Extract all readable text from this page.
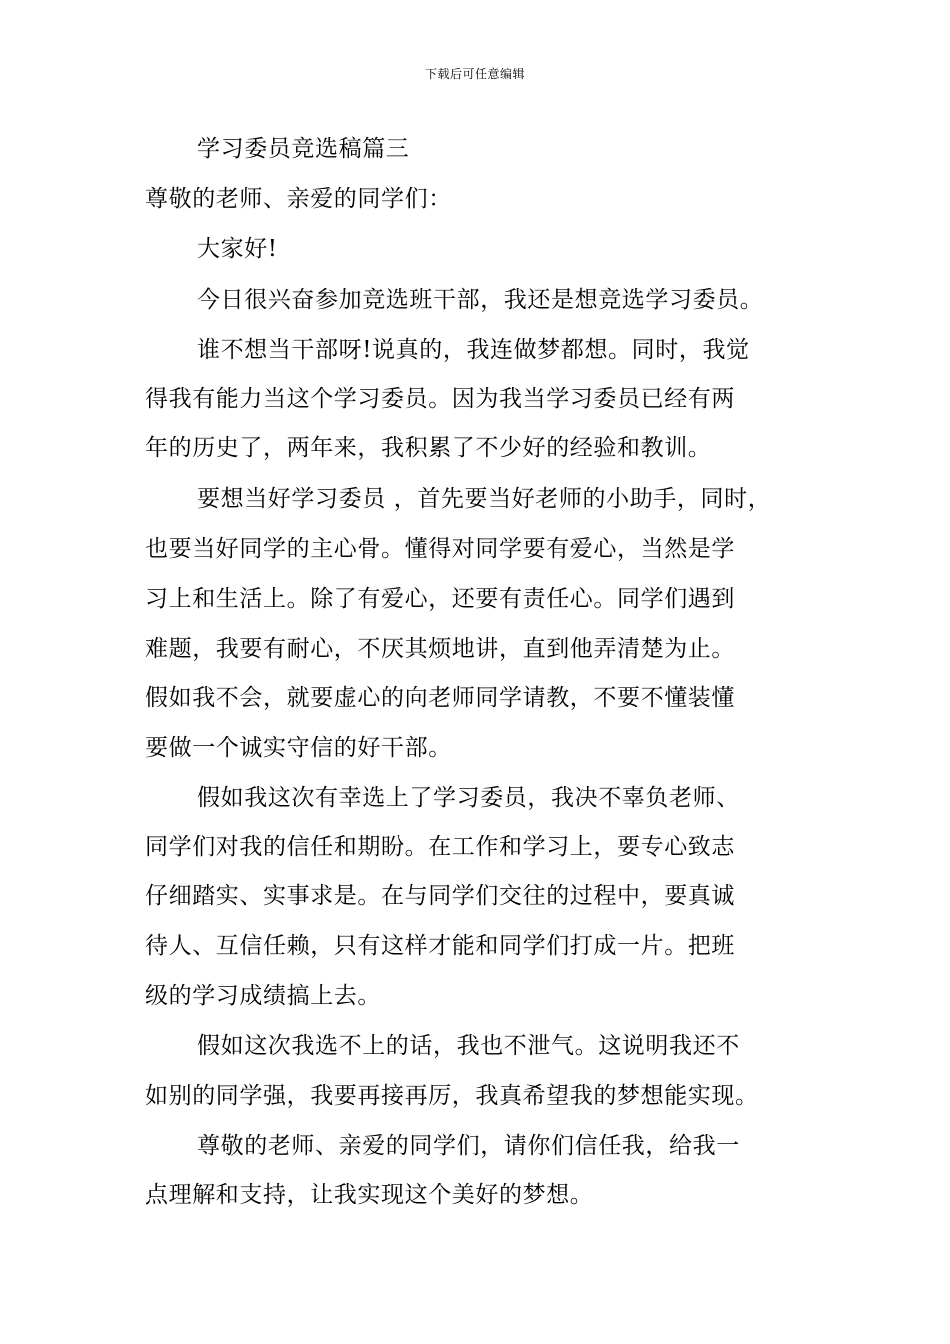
下载后可任意编辑
学习委员竞选稿篇三
尊敬的老师、亲爱的同学们：
大家好!
今日很兴奋参加竞选班干部，我还是想竞选学习委员。
谁不想当干部呀!说真的，我连做梦都想。同时，我觉
得我有能力当这个学习委员。因为我当学习委员已经有两
年的历史了，两年来，我积累了不少好的经验和教训。
要想当好学习委员 ，首先要当好老师的小助手，同时，
也要当好同学的主心骨。懂得对同学要有爱心，当然是学
习上和生活上。除了有爱心，还要有责任心。同学们遇到
难题，我要有耐心，不厌其烦地讲，直到他弄清楚为止。
假如我不会，就要虚心的向老师同学请教，不要不懂装懂
要做一个诚实守信的好干部。
假如我这次有幸选上了学习委员，我决不辜负老师、
同学们对我的信任和期盼。在工作和学习上，要专心致志
仔细踏实、实事求是。在与同学们交往的过程中，要真诚
待人、互信任赖，只有这样才能和同学们打成一片。把班
级的学习成绩搞上去。
假如这次我选不上的话，我也不泄气。这说明我还不
如别的同学强，我要再接再厉，我真希望我的梦想能实现。
尊敬的老师、亲爱的同学们，请你们信任我，给我一
点理解和支持，让我实现这个美好的梦想。
